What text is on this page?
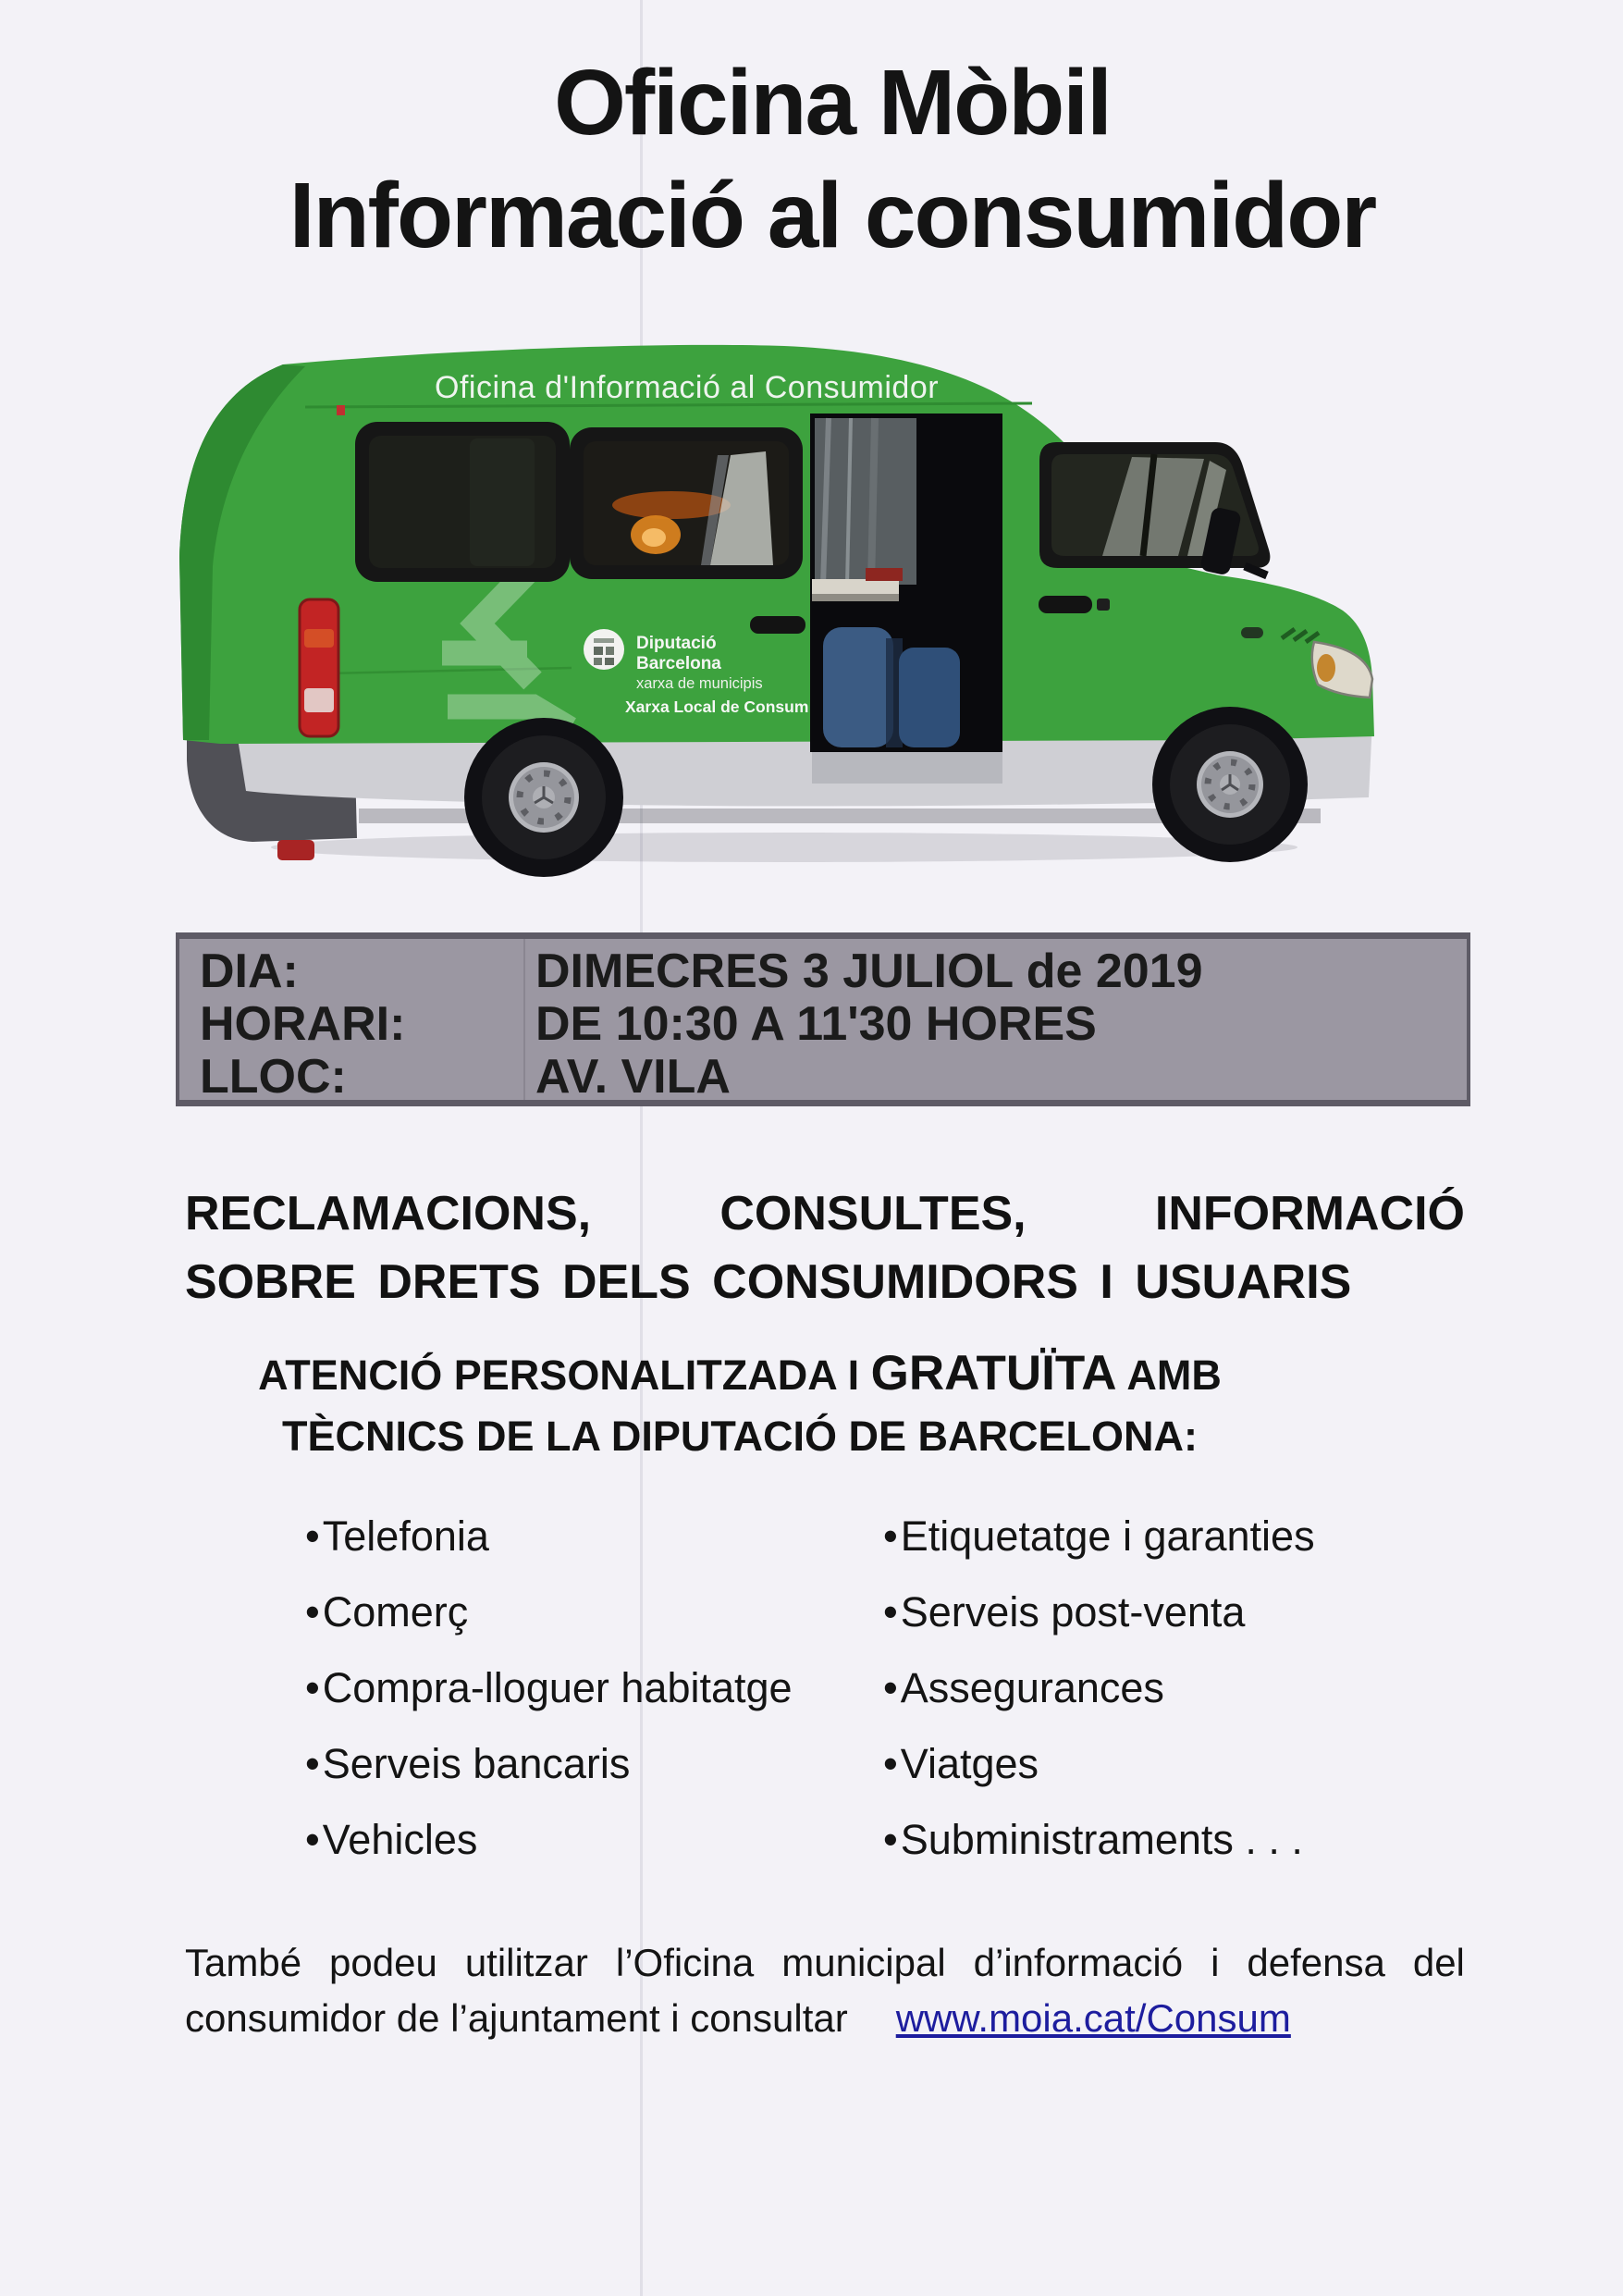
Oficina Mòbil
Informació al consumidor
Diputació
Barcelona
xarxa de municipis
Xarxa Local de Consum
Oficina d'Informació al Consumidor
DIA:	DIMECRES 3 JULIOL de 2019
HORARI:	DE 10:30 A 11'30 HORES
LLOC:	AV. VILA
RECLAMACIONS,	CONSULTES,	INFORMACIÓ
SOBRE DRETS DELS CONSUMIDORS I USUARIS
ATENCIÓ PERSONALITZADA I GRATUÏTA AMB
TÈCNICS DE LA DIPUTACIÓ DE BARCELONA:
•Telefonia
•Comerç
•Compra-lloguer habitatge
•Serveis bancaris
•Vehicles
•Etiquetatge i garanties
•Serveis post-venta
•Assegurances
•Viatges
•Subministraments . . .
També podeu utilitzar l’Oficina municipal d’informació i defensa del
consumidor de l’ajuntament i consultar www.moia.cat/Consum
